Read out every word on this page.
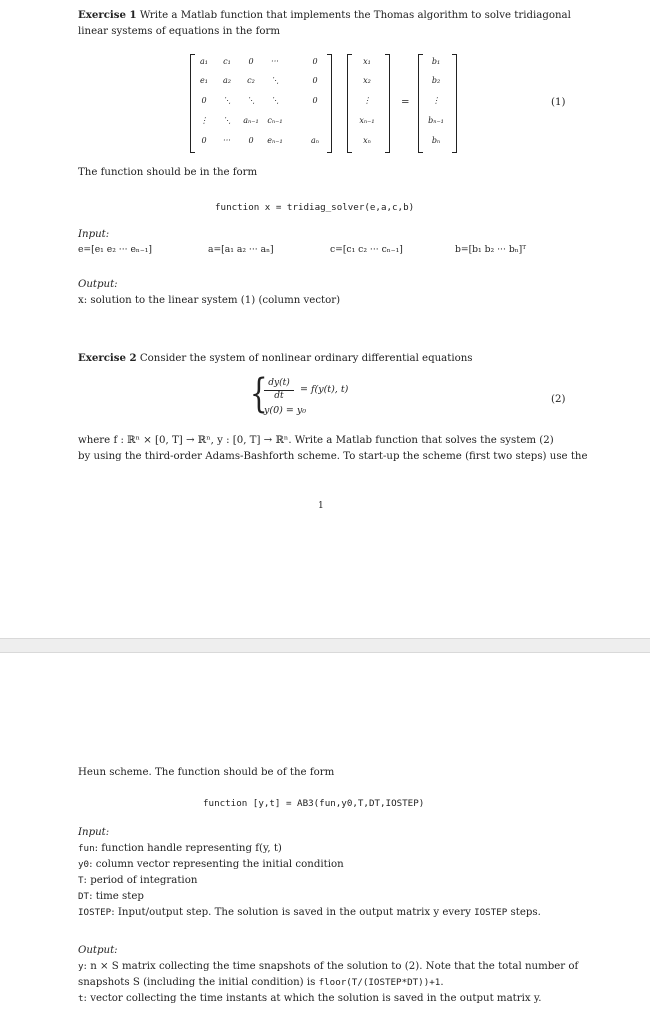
Exercise 1 Write a Matlab function that implements the Thomas algorithm to solve tridiagonal
linear systems of equations in the form
a₁	c₁	0	···	0
e₁	a₂	c₂	⋱	0
0	⋱	⋱	⋱	0
⋮	⋱	aₙ₋₁	cₙ₋₁
0	···	0	eₙ₋₁	aₙ
x₁
x₂
⋮
xₙ₋₁
xₙ
=
b₁
b₂
⋮
bₙ₋₁
bₙ
(1)
The function should be in the form
function x = tridiag_solver(e,a,c,b)
Input:
e=[e₁ e₂ ··· eₙ₋₁]	a=[a₁ a₂ ··· aₙ]	c=[c₁ c₂ ··· cₙ₋₁]	b=[b₁ b₂ ··· bₙ]ᵀ
Output:
x: solution to the linear system (1) (column vector)
Exercise 2 Consider the system of nonlinear ordinary differential equations
{ dy(t)
dt
= f(y(t), t)
y(0) = y₀
(2)
where f : ℝⁿ × [0, T] → ℝⁿ, y : [0, T] → ℝⁿ. Write a Matlab function that solves the system (2)
by using the third-order Adams-Bashforth scheme. To start-up the scheme (first two steps) use the
1
Heun scheme. The function should be of the form
function [y,t] = AB3(fun,y0,T,DT,IOSTEP)
Input:
fun: function handle representing f(y, t)
y0: column vector representing the initial condition
T: period of integration
DT: time step
IOSTEP: Input/output step. The solution is saved in the output matrix y every IOSTEP steps.
Output:
y: n × S matrix collecting the time snapshots of the solution to (2). Note that the total number of
snapshots S (including the initial condition) is floor(T/(IOSTEP*DT))+1.
t: vector collecting the time instants at which the solution is saved in the output matrix y.
